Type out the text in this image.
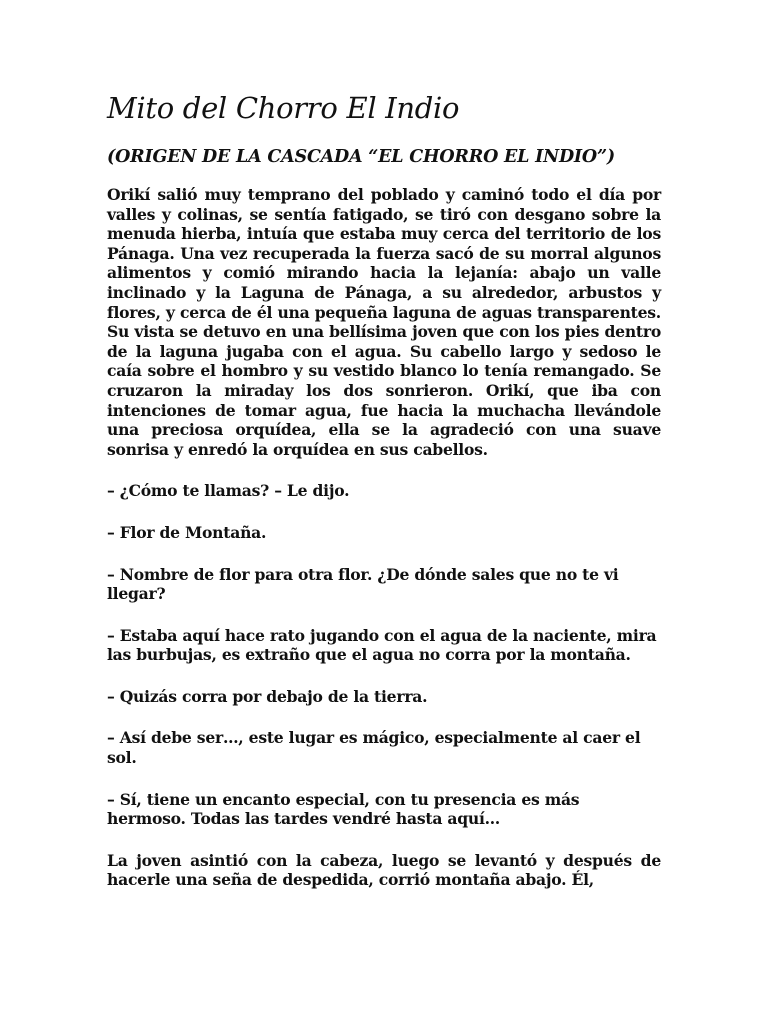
Mito del Chorro El Indio
(ORIGEN DE LA CASCADA “EL CHORRO EL INDIO”)

Orikí salió muy temprano del poblado y caminó todo el día por valles y colinas, se sentía fatigado, se tiró con desgano sobre la menuda hierba, intuía que estaba muy cerca del territorio de los Pánaga. Una vez recuperada la fuerza sacó de su morral algunos alimentos y comió mirando hacia la lejanía: abajo un valle inclinado y la Laguna de Pánaga, a su alrededor, arbustos y flores, y cerca de él una pequeña laguna de aguas transparentes. Su vista se detuvo en una bellísima joven que con los pies dentro de la laguna jugaba con el agua. Su cabello largo y sedoso le caía sobre el hombro y su vestido blanco lo tenía remangado. Se cruzaron la miraday los dos sonrieron. Orikí, que iba con intenciones de tomar agua, fue hacia la muchacha llevándole una preciosa orquídea, ella se la agradeció con una suave sonrisa y enredó la orquídea en sus cabellos.

– ¿Cómo te llamas? – Le dijo.

– Flor de Montaña.

– Nombre de flor para otra flor. ¿De dónde sales que no te vi llegar?

– Estaba aquí hace rato jugando con el agua de la naciente, mira las burbujas, es extraño que el agua no corra por la montaña.

– Quizás corra por debajo de la tierra.

– Así debe ser…, este lugar es mágico, especialmente al caer el sol.

– Sí, tiene un encanto especial, con tu presencia es más hermoso. Todas las tardes vendré hasta aquí…

La joven asintió con la cabeza, luego se levantó y después de hacerle una seña de despedida, corrió montaña abajo. Él,
